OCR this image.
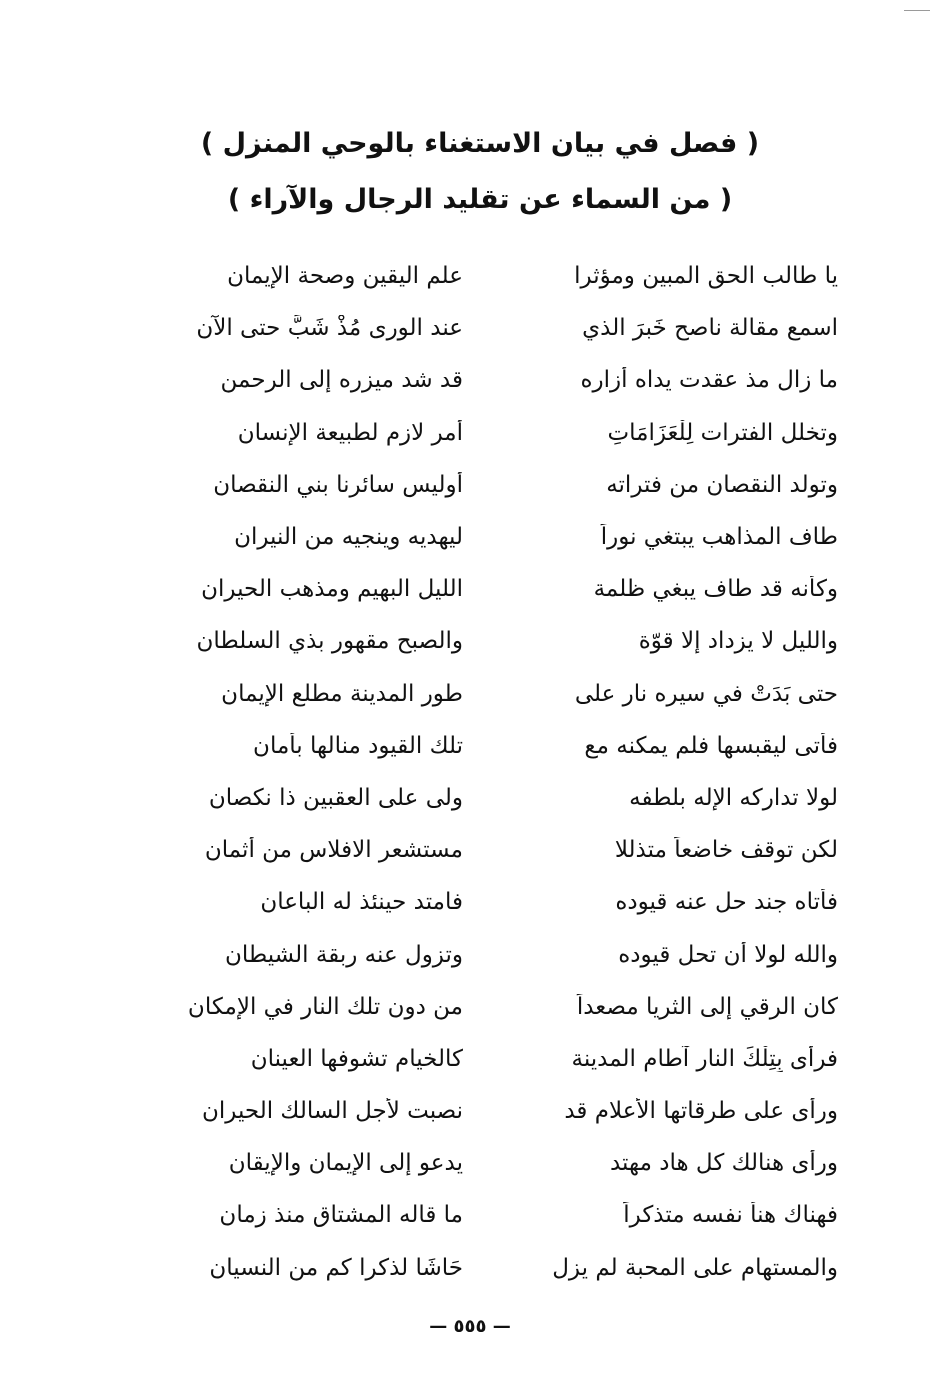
( فصل في بيان الاستغناء بالوحي المنزل )
( من السماء عن تقليد الرجال والآراء )
يا طالب الحق المبين ومؤثرا
علم اليقين وصحة الإيمان
اسمع مقالة ناصح خَبرَ الذي
عند الورى مُذْ شَبَّ حتى الآن
ما زال مذ عقدت يداه أزاره
قد شد ميزره إلى الرحمن
وتخلل الفترات لِلْعَزَامَاتِ
أمر لازم لطبيعة الإنسان
وتولد النقصان من فتراته
أوليس سائرنا بني النقصان
طاف المذاهب يبتغي نوراً
ليهديه وينجيه من النيران
وكأنه قد طاف يبغي ظلمة
الليل البهيم ومذهب الحيران
والليل لا يزداد إلا قوّة
والصبح مقهور بذي السلطان
حتى بَدَتْ في سيره نار على
طور المدينة مطلع الإيمان
فأتى ليقبسها فلم يمكنه مع
تلك القيود منالها بأمان
لولا تداركه الإله بلطفه
ولى على العقبين ذا نكصان
لكن توقف خاضعاً متذللا
مستشعر الافلاس من أثمان
فأتاه جند حل عنه قيوده
فامتد حينئذ له الباعان
والله لولا أن تحل قيوده
وتزول عنه ربقة الشيطان
كان الرقي إلى الثريا مصعداً
من دون تلك النار في الإمكان
فرأى بِتِلْكَ النار آطام المدينة
كالخيام تشوفها العينان
ورأى على طرقاتها الأعلام قد
نصبت لأجل السالك الحيران
ورأى هنالك كل هاد مهتد
يدعو إلى الإيمان والإيقان
فهناك هنأ نفسه متذكراً
ما قاله المشتاق منذ زمان
والمستهام على المحبة لم يزل
حَاشَا لذكرا كم من النسيان
— ٥٥٥ —
